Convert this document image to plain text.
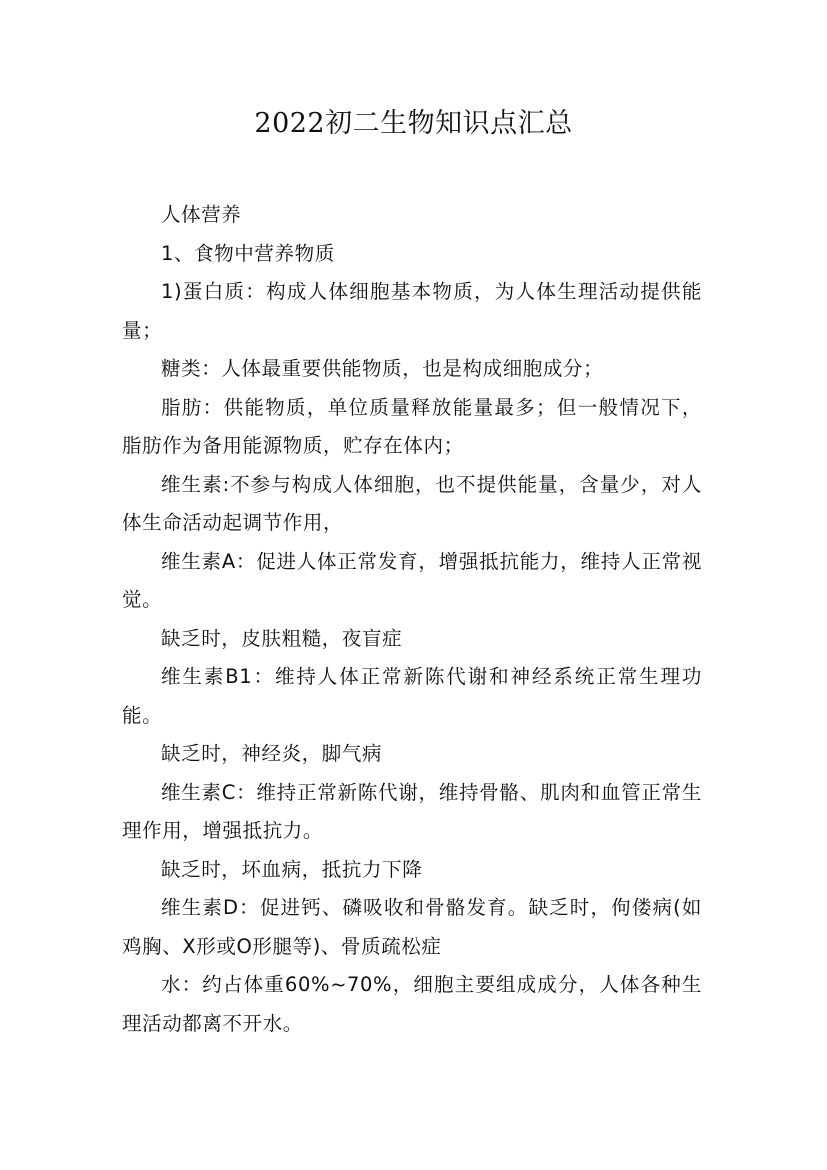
2022初二生物知识点汇总

人体营养

1、食物中营养物质

1)蛋白质：构成人体细胞基本物质，为人体生理活动提供能量；

糖类：人体最重要供能物质，也是构成细胞成分；

脂肪：供能物质，单位质量释放能量最多；但一般情况下，脂肪作为备用能源物质，贮存在体内；

维生素:不参与构成人体细胞，也不提供能量，含量少，对人体生命活动起调节作用，

维生素A：促进人体正常发育，增强抵抗能力，维持人正常视觉。

缺乏时，皮肤粗糙，夜盲症

维生素B1：维持人体正常新陈代谢和神经系统正常生理功能。

缺乏时，神经炎，脚气病

维生素C：维持正常新陈代谢，维持骨骼、肌肉和血管正常生理作用，增强抵抗力。

缺乏时，坏血病，抵抗力下降

维生素D：促进钙、磷吸收和骨骼发育。缺乏时，佝偻病(如鸡胸、X形或O形腿等)、骨质疏松症

水：约占体重60%~70%，细胞主要组成成分，人体各种生理活动都离不开水。
